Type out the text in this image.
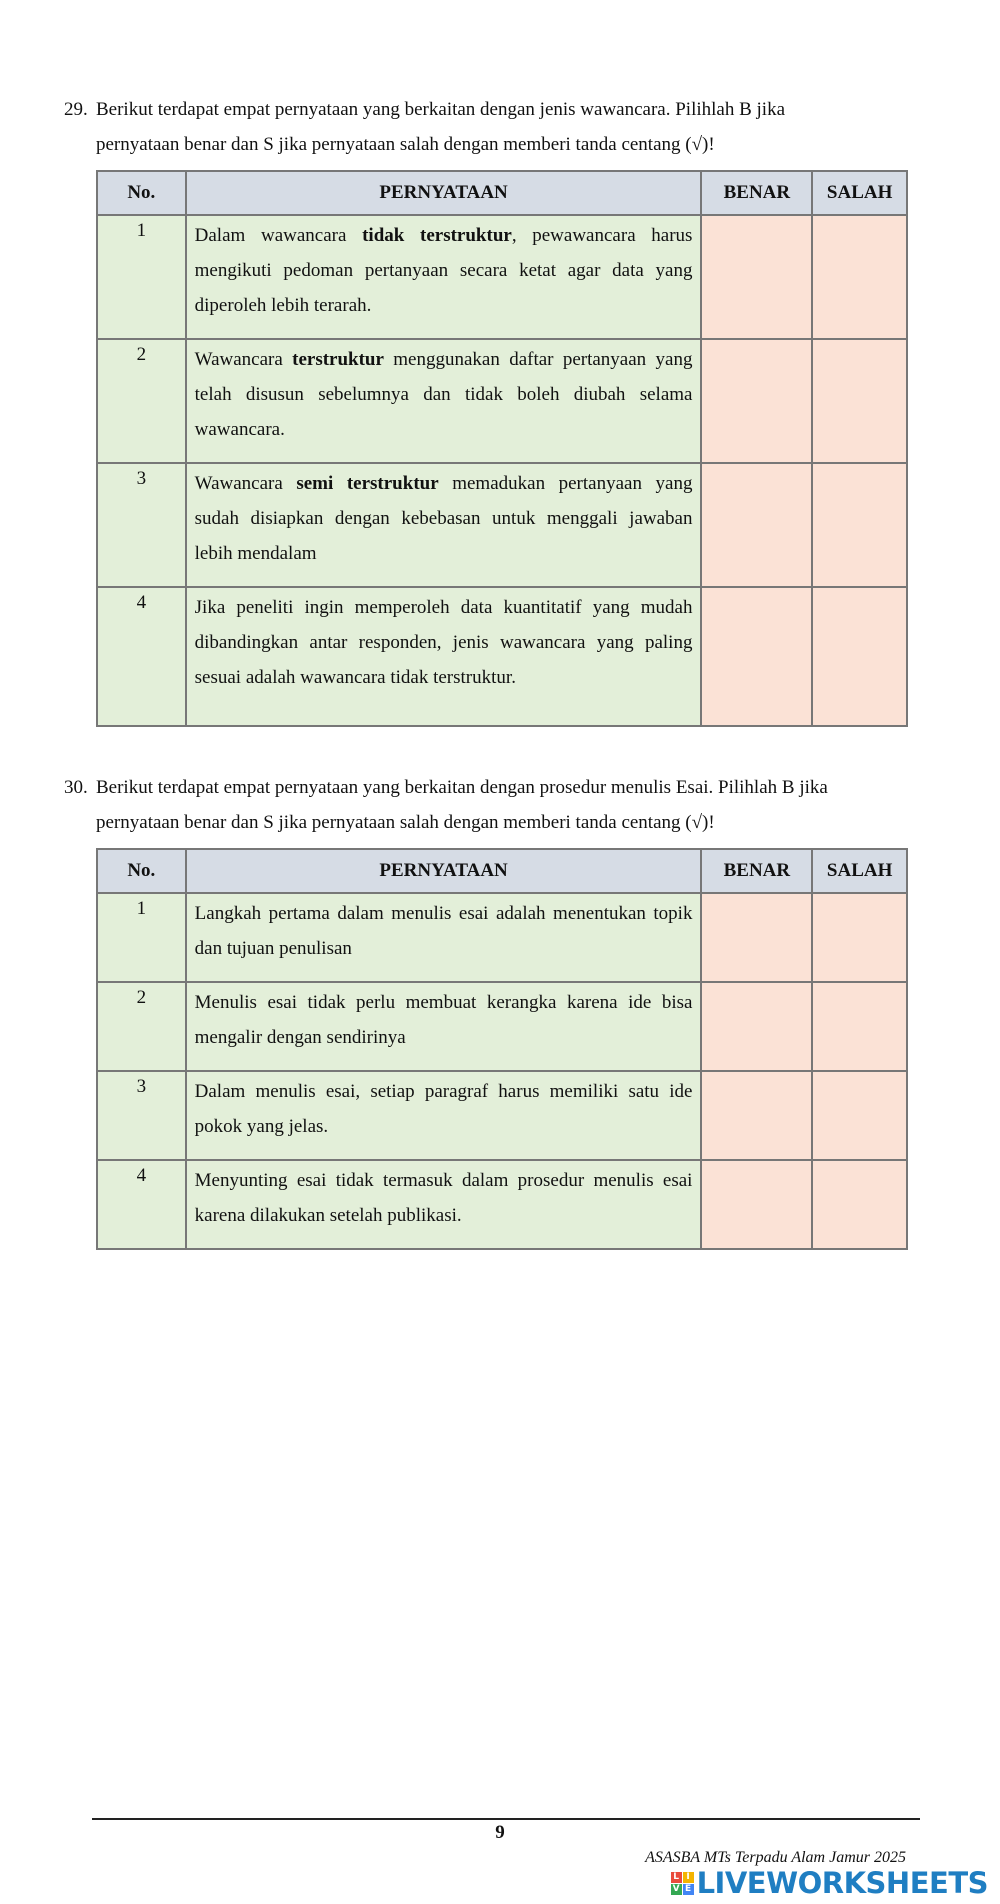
29. Berikut terdapat empat pernyataan yang berkaitan dengan jenis wawancara. Pilihlah B jika
pernyataan benar dan S jika pernyataan salah dengan memberi tanda centang (√)!
No.	PERNYATAAN	BENAR	SALAH
1	Dalam wawancara tidak terstruktur, pewawancara harus mengikuti pedoman pertanyaan secara ketat agar data yang diperoleh lebih terarah.		
2	Wawancara terstruktur menggunakan daftar pertanyaan yang telah disusun sebelumnya dan tidak boleh diubah selama wawancara.		
3	Wawancara semi terstruktur memadukan pertanyaan yang sudah disiapkan dengan kebebasan untuk menggali jawaban lebih mendalam		
4	Jika peneliti ingin memperoleh data kuantitatif yang mudah dibandingkan antar responden, jenis wawancara yang paling sesuai adalah wawancara tidak terstruktur.		
30. Berikut terdapat empat pernyataan yang berkaitan dengan prosedur menulis Esai. Pilihlah B jika
pernyataan benar dan S jika pernyataan salah dengan memberi tanda centang (√)!
No.	PERNYATAAN	BENAR	SALAH
1	Langkah pertama dalam menulis esai adalah menentukan topik dan tujuan penulisan		
2	Menulis esai tidak perlu membuat kerangka karena ide bisa mengalir dengan sendirinya		
3	Dalam menulis esai, setiap paragraf harus memiliki satu ide pokok yang jelas.		
4	Menyunting esai tidak termasuk dalam prosedur menulis esai karena dilakukan setelah publikasi.		
9
ASASBA MTs Terpadu Alam Jamur 2025
L I
V E LIVEWORKSHEETS
